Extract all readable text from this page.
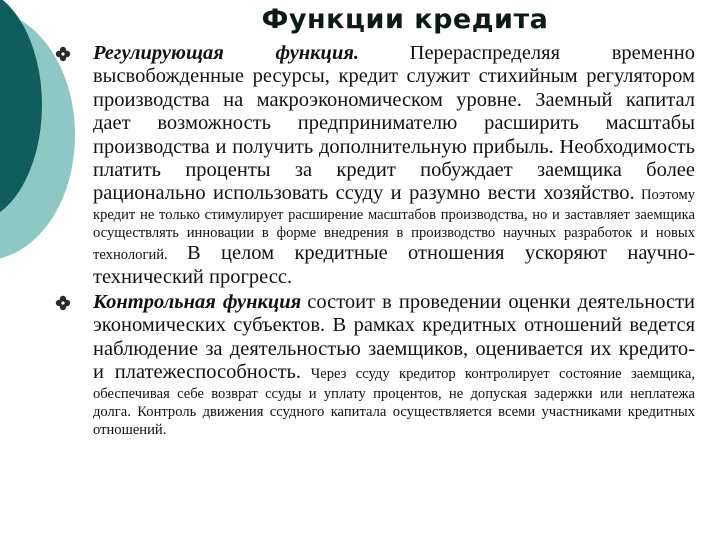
Функции кредита

Регулирующая функция. Перераспределяя временно высвобожденные ресурсы, кредит служит стихийным регулятором производства на макроэкономическом уровне. Заемный капитал дает возможность предпринимателю расширить масштабы производства и получить дополнительную прибыль. Необходимость платить проценты за кредит побуждает заемщика более рационально использовать ссуду и разумно вести хозяйство. Поэтому кредит не только стимулирует расширение масштабов производства, но и заставляет заемщика осуществлять инновации в форме внедрения в производство научных разработок и новых технологий. В целом кредитные отношения ускоряют научно-технический прогресс.

Контрольная функция состоит в проведении оценки деятельности экономических субъектов. В рамках кредитных отношений ведется наблюдение за деятельностью заемщиков, оценивается их кредито- и платежеспособность. Через ссуду кредитор контролирует состояние заемщика, обеспечивая себе возврат ссуды и уплату процентов, не допуская задержки или неплатежа долга. Контроль движения ссудного капитала осуществляется всеми участниками кредитных отношений.
